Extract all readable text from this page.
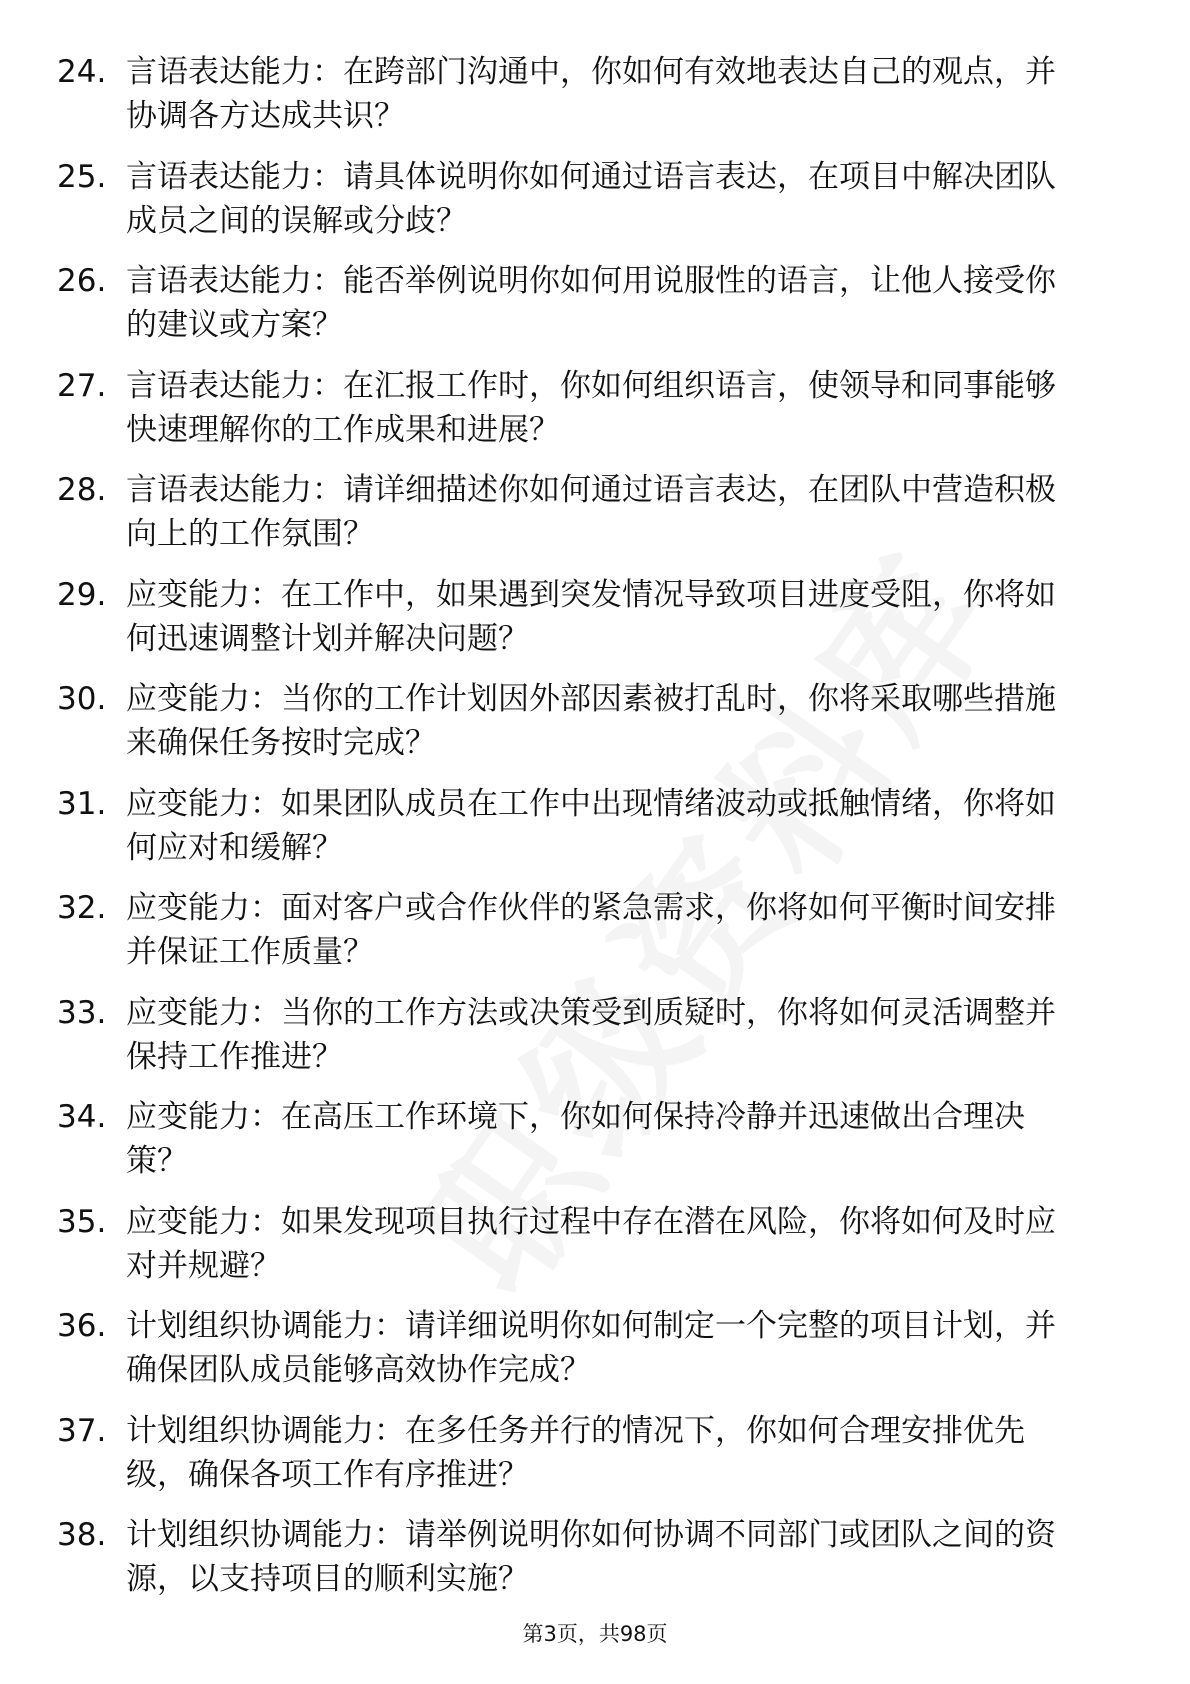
24. 言语表达能力：在跨部门沟通中，你如何有效地表达自己的观点，并协调各方达成共识？
25. 言语表达能力：请具体说明你如何通过语言表达，在项目中解决团队成员之间的误解或分歧？
26. 言语表达能力：能否举例说明你如何用说服性的语言，让他人接受你的建议或方案？
27. 言语表达能力：在汇报工作时，你如何组织语言，使领导和同事能够快速理解你的工作成果和进展？
28. 言语表达能力：请详细描述你如何通过语言表达，在团队中营造积极向上的工作氛围？
29. 应变能力：在工作中，如果遇到突发情况导致项目进度受阻，你将如何迅速调整计划并解决问题？
30. 应变能力：当你的工作计划因外部因素被打乱时，你将采取哪些措施来确保任务按时完成？
31. 应变能力：如果团队成员在工作中出现情绪波动或抵触情绪，你将如何应对和缓解？
32. 应变能力：面对客户或合作伙伴的紧急需求，你将如何平衡时间安排并保证工作质量？
33. 应变能力：当你的工作方法或决策受到质疑时，你将如何灵活调整并保持工作推进？
34. 应变能力：在高压工作环境下，你如何保持冷静并迅速做出合理决策？
35. 应变能力：如果发现项目执行过程中存在潜在风险，你将如何及时应对并规避？
36. 计划组织协调能力：请详细说明你如何制定一个完整的项目计划，并确保团队成员能够高效协作完成？
37. 计划组织协调能力：在多任务并行的情况下，你如何合理安排优先级，确保各项工作有序推进？
38. 计划组织协调能力：请举例说明你如何协调不同部门或团队之间的资源，以支持项目的顺利实施？
第3页，共98页
